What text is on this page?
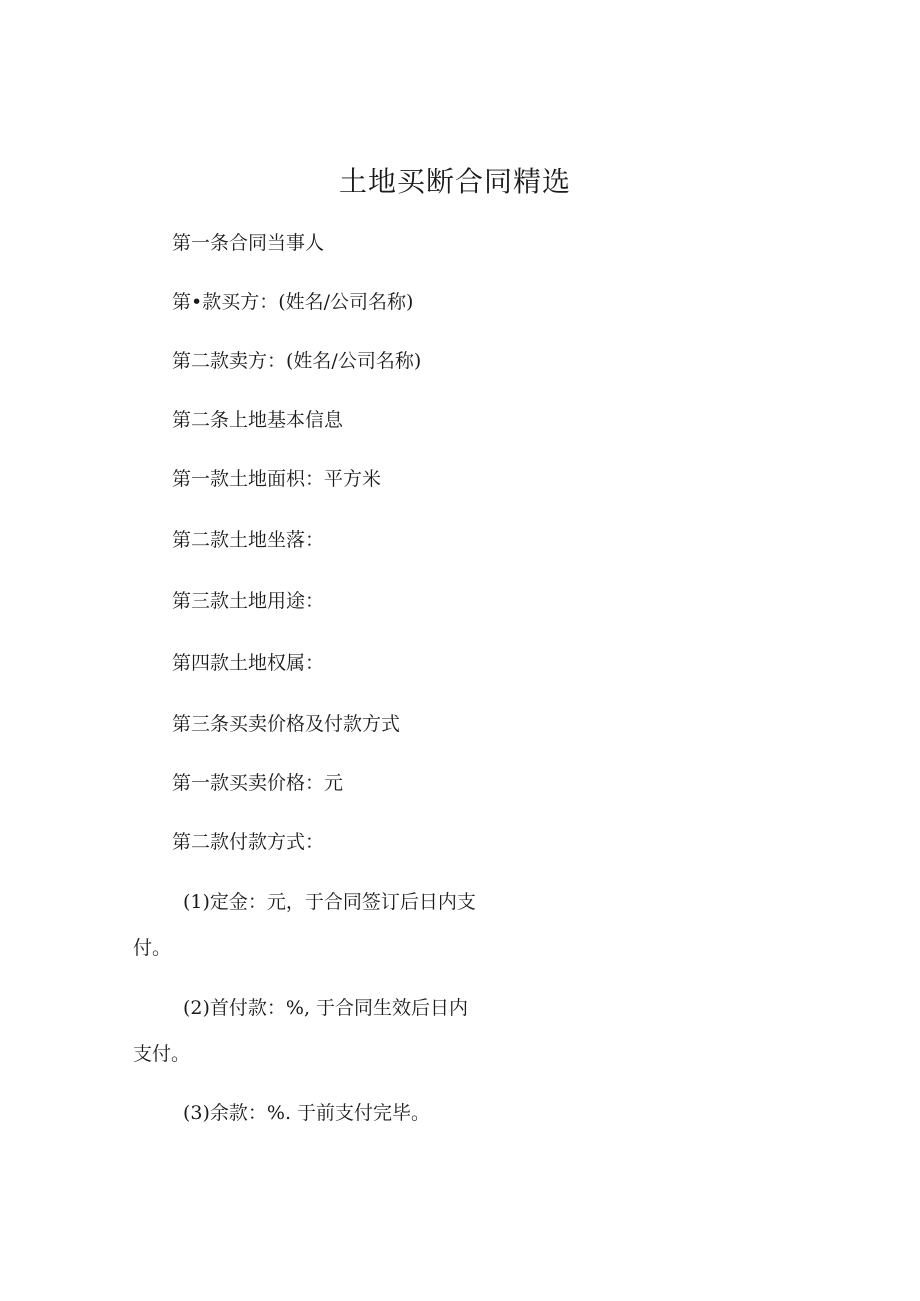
土地买断合同精选

第一条合同当事人

第•款买方：(姓名/公司名称)

第二款卖方：(姓名/公司名称)

第二条上地基本信息

第一款土地面枳：平方米

第二款土地坐落：

第三款土地用途：

第四款土地权属：

第三条买卖价格及付款方式

第一款买卖价格：元

第二款付款方式：

(1)定金：元，于合同签订后日内支

付。

(2)首付款：%, 于合同生效后日内

支付。

(3)余款：%. 于前支付完毕。
